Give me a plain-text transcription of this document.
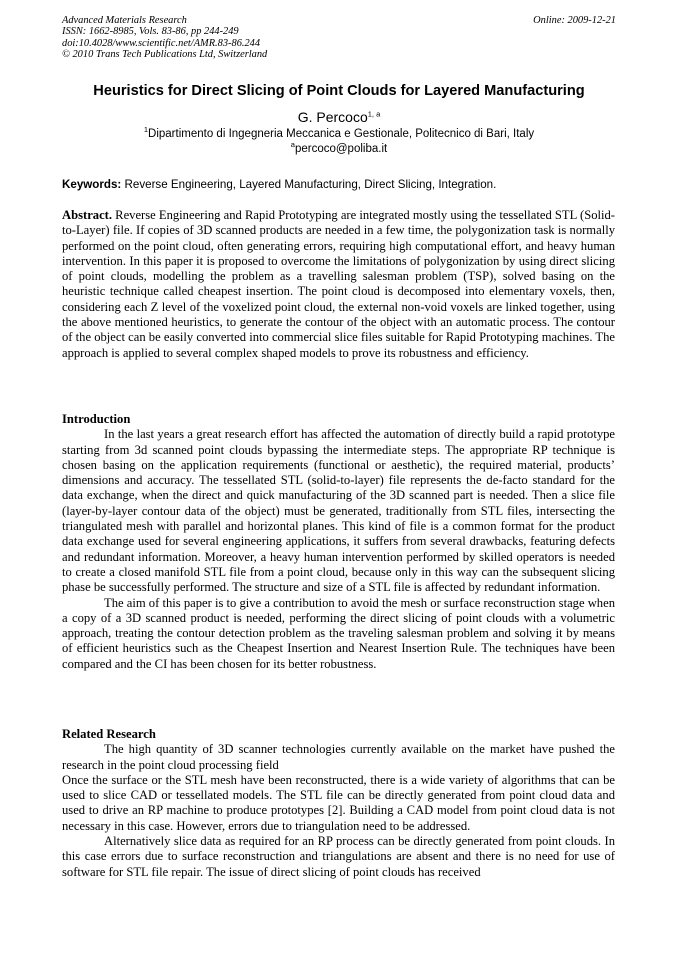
Advanced Materials Research
ISSN: 1662-8985, Vols. 83-86, pp 244-249
doi:10.4028/www.scientific.net/AMR.83-86.244
© 2010 Trans Tech Publications Ltd, Switzerland
Online: 2009-12-21
Heuristics for Direct Slicing of Point Clouds for Layered Manufacturing
G. Percoco$^{1, a}$
$^1$Dipartimento di Ingegneria Meccanica e Gestionale, Politecnico di Bari, Italy
$^a$percoco@poliba.it
Keywords: Reverse Engineering, Layered Manufacturing, Direct Slicing, Integration.

Abstract. Reverse Engineering and Rapid Prototyping are integrated mostly using the tessellated STL (Solid-to-Layer) file. If copies of 3D scanned products are needed in a few time, the polygonization task is normally performed on the point cloud, often generating errors, requiring high computational effort, and heavy human intervention. In this paper it is proposed to overcome the limitations of polygonization by using direct slicing of point clouds, modelling the problem as a travelling salesman problem (TSP), solved basing on the heuristic technique called cheapest insertion. The point cloud is decomposed into elementary voxels, then, considering each Z level of the voxelized point cloud, the external non-void voxels are linked together, using the above mentioned heuristics, to generate the contour of the object with an automatic process. The contour of the object can be easily converted into commercial slice files suitable for Rapid Prototyping machines. The approach is applied to several complex shaped models to prove its robustness and efficiency.

Introduction

In the last years a great research effort has affected the automation of directly build a rapid prototype starting from 3d scanned point clouds bypassing the intermediate steps. The appropriate RP technique is chosen basing on the application requirements (functional or aesthetic), the required material, products’ dimensions and accuracy. The tessellated STL (solid-to-layer) file represents the de-facto standard for the data exchange, when the direct and quick manufacturing of the 3D scanned part is needed. Then a slice file (layer-by-layer contour data of the object) must be generated, traditionally from STL files, intersecting the triangulated mesh with parallel and horizontal planes. This kind of file is a common format for the product data exchange used for several engineering applications, it suffers from several drawbacks, featuring defects and redundant information. Moreover, a heavy human intervention performed by skilled operators is needed to create a closed manifold STL file from a point cloud, because only in this way can the subsequent slicing phase be successfully performed. The structure and size of a STL file is affected by redundant information.

The aim of this paper is to give a contribution to avoid the mesh or surface reconstruction stage when a copy of a 3D scanned product is needed, performing the direct slicing of point clouds with a volumetric approach, treating the contour detection problem as the traveling salesman problem and solving it by means of efficient heuristics such as the Cheapest Insertion and Nearest Insertion Rule. The techniques have been compared and the CI has been chosen for its better robustness.

Related Research

The high quantity of 3D scanner technologies currently available on the market have pushed the research in the point cloud processing field

Once the surface or the STL mesh have been reconstructed, there is a wide variety of algorithms that can be used to slice CAD or tessellated models. The STL file can be directly generated from point cloud data and used to drive an RP machine to produce prototypes [2]. Building a CAD model from point cloud data is not necessary in this case. However, errors due to triangulation need to be addressed.

Alternatively slice data as required for an RP process can be directly generated from point clouds. In this case errors due to surface reconstruction and triangulations are absent and there is no need for use of software for STL file repair. The issue of direct slicing of point clouds has received
